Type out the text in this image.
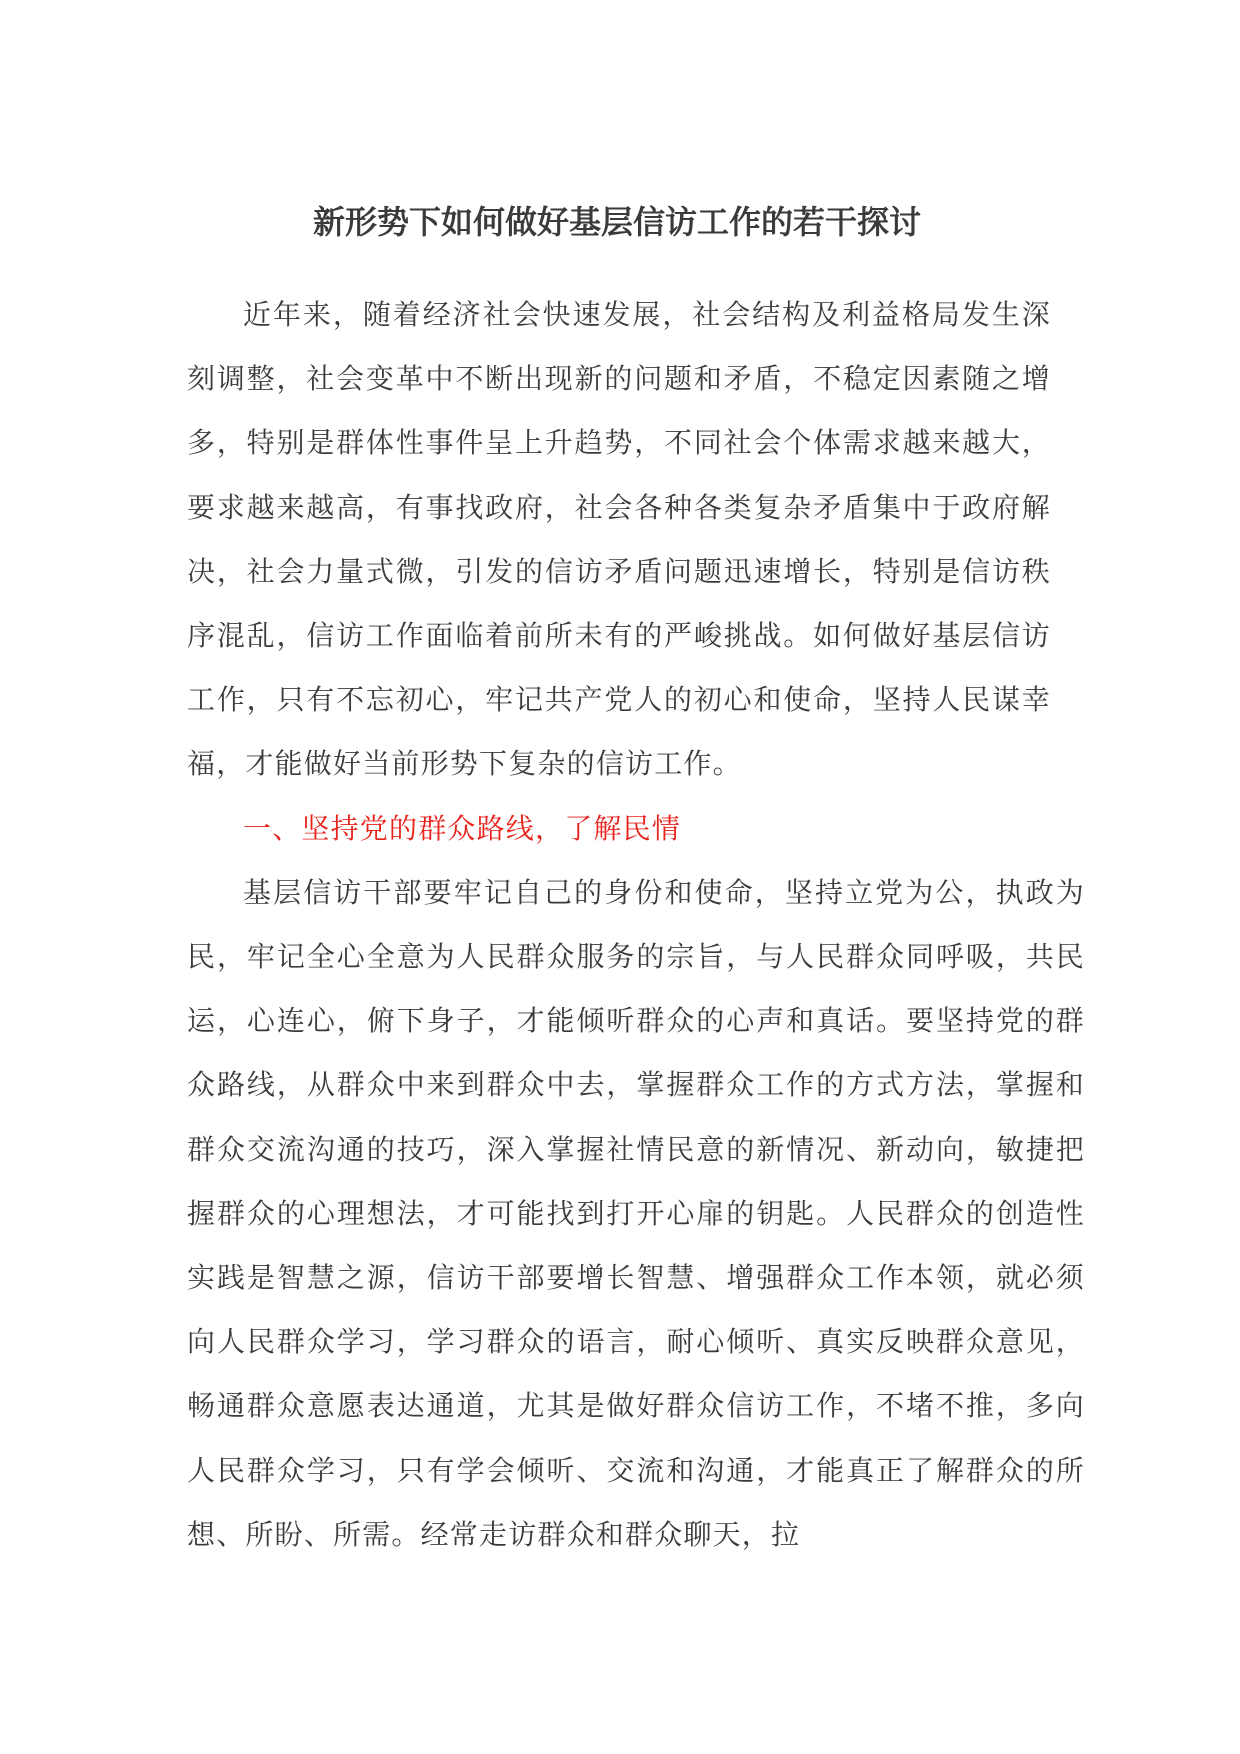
新形势下如何做好基层信访工作的若干探讨

近年来，随着经济社会快速发展，社会结构及利益格局发生深刻调整，社会变革中不断出现新的问题和矛盾，不稳定因素随之增多，特别是群体性事件呈上升趋势，不同社会个体需求越来越大，要求越来越高，有事找政府，社会各种各类复杂矛盾集中于政府解决，社会力量式微，引发的信访矛盾问题迅速增长，特别是信访秩序混乱，信访工作面临着前所未有的严峻挑战。如何做好基层信访工作，只有不忘初心，牢记共产党人的初心和使命，坚持人民谋幸福，才能做好当前形势下复杂的信访工作。

一、坚持党的群众路线，了解民情

基层信访干部要牢记自己的身份和使命，坚持立党为公，执政为民，牢记全心全意为人民群众服务的宗旨，与人民群众同呼吸，共民运，心连心，俯下身子，才能倾听群众的心声和真话。要坚持党的群众路线，从群众中来到群众中去，掌握群众工作的方式方法，掌握和群众交流沟通的技巧，深入掌握社情民意的新情况、新动向，敏捷把握群众的心理想法，才可能找到打开心扉的钥匙。人民群众的创造性实践是智慧之源，信访干部要增长智慧、增强群众工作本领，就必须向人民群众学习，学习群众的语言，耐心倾听、真实反映群众意见，畅通群众意愿表达通道，尤其是做好群众信访工作，不堵不推，多向人民群众学习，只有学会倾听、交流和沟通，才能真正了解群众的所想、所盼、所需。经常走访群众和群众聊天，拉
